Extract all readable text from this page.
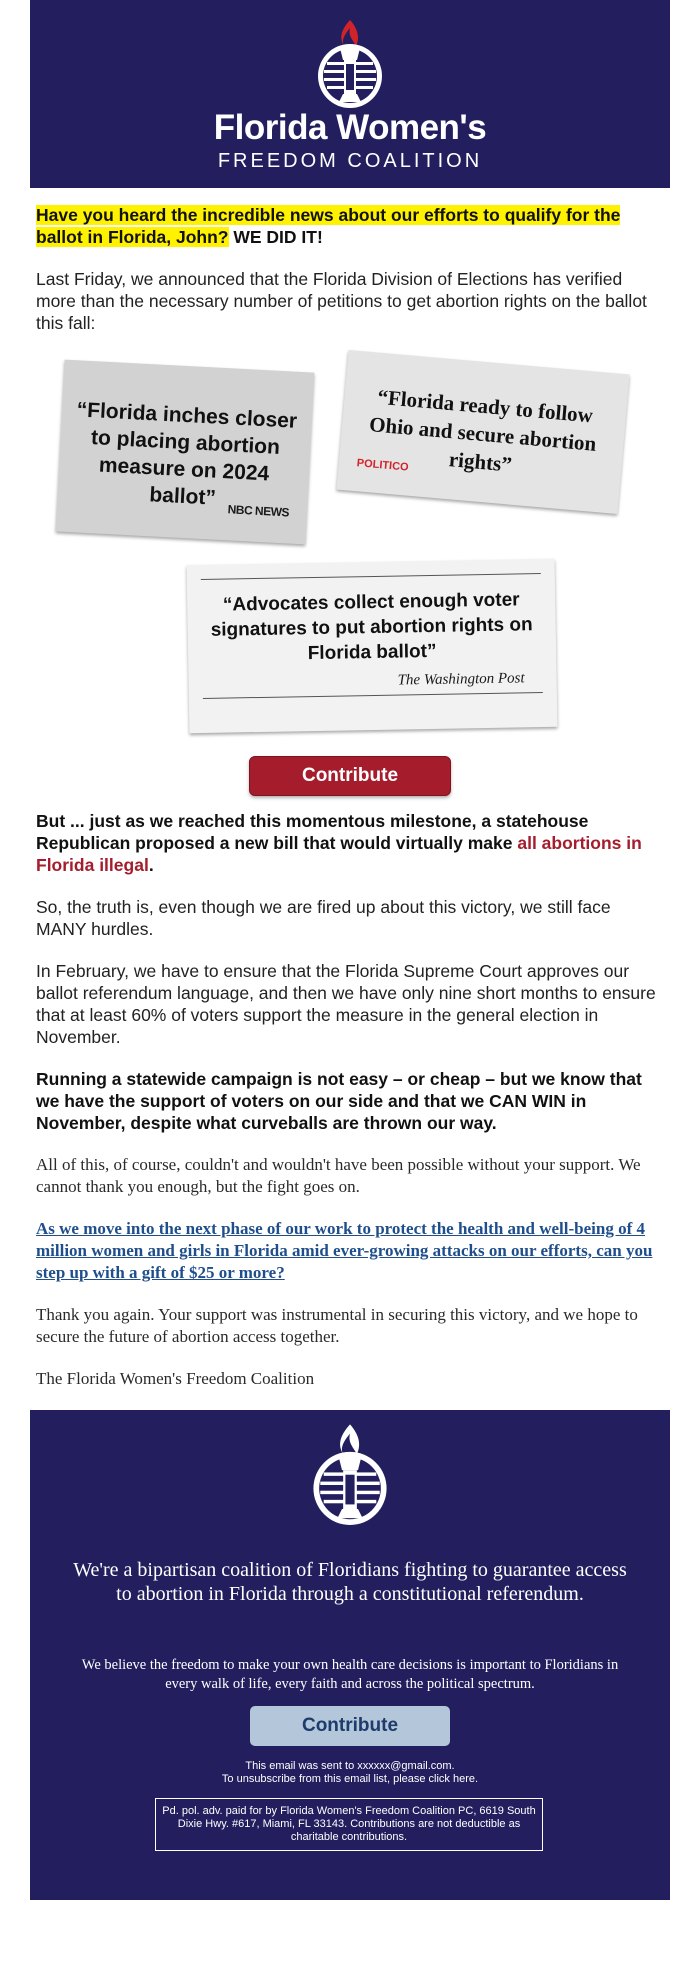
Florida Women's
FREEDOM COALITION

Have you heard the incredible news about our efforts to qualify for the ballot in Florida, John? WE DID IT!

Last Friday, we announced that the Florida Division of Elections has verified more than the necessary number of petitions to get abortion rights on the ballot this fall:

“Florida inches closer to placing abortion measure on 2024 ballot”
NBC NEWS
“Florida ready to follow Ohio and secure abortion rights”
POLITICO
“Advocates collect enough voter signatures to put abortion rights on Florida ballot”
The Washington Post
Contribute

But ... just as we reached this momentous milestone, a statehouse Republican proposed a new bill that would virtually make all abortions in Florida illegal.

So, the truth is, even though we are fired up about this victory, we still face MANY hurdles.

In February, we have to ensure that the Florida Supreme Court approves our ballot referendum language, and then we have only nine short months to ensure that at least 60% of voters support the measure in the general election in November.

Running a statewide campaign is not easy – or cheap – but we know that we have the support of voters on our side and that we CAN WIN in November, despite what curveballs are thrown our way.

All of this, of course, couldn't and wouldn't have been possible without your support. We cannot thank you enough, but the fight goes on.

As we move into the next phase of our work to protect the health and well-being of 4 million women and girls in Florida amid ever-growing attacks on our efforts, can you step up with a gift of $25 or more?

Thank you again. Your support was instrumental in securing this victory, and we hope to secure the future of abortion access together.

The Florida Women's Freedom Coalition

We're a bipartisan coalition of Floridians fighting to guarantee access to abortion in Florida through a constitutional referendum.
We believe the freedom to make your own health care decisions is important to Floridians in every walk of life, every faith and across the political spectrum.
Contribute
This email was sent to xxxxxx@gmail.com.
To unsubscribe from this email list, please click here.
Pd. pol. adv. paid for by Florida Women's Freedom Coalition PC, 6619 South Dixie Hwy. #617, Miami, FL 33143. Contributions are not deductible as charitable contributions.
